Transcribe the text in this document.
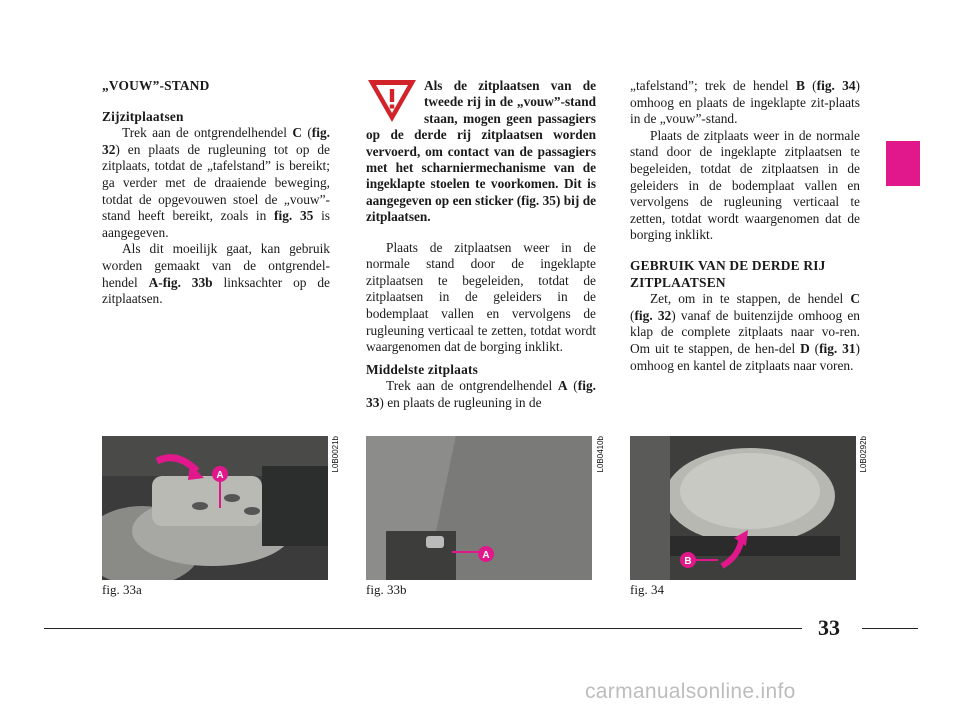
„VOUW”-STAND

Zijzitplaatsen

Trek aan de ontgrendelhendel C (fig. 32) en plaats de rugleuning tot op de zitplaats, totdat de „tafelstand” is bereikt; ga verder met de draaiende beweging, totdat de opgevouwen stoel de „vouw”-stand heeft bereikt, zoals in fig. 35 is aangegeven.

Als dit moeilijk gaat, kan gebruik worden gemaakt van de ontgrendel-hendel A-fig. 33b linksachter op de zitplaatsen.

Als de zitplaatsen van de tweede rij in de „vouw”-stand staan, mogen geen passagiers op de derde rij zitplaatsen worden vervoerd, om contact van de passagiers met het scharniermechanisme van de ingeklapte stoelen te voorkomen. Dit is aangegeven op een sticker (fig. 35) bij de zitplaatsen.

Plaats de zitplaatsen weer in de normale stand door de ingeklapte zitplaatsen te begeleiden, totdat de zitplaatsen in de geleiders in de bodemplaat vallen en vervolgens de rugleuning verticaal te zetten, totdat wordt waargenomen dat de borging inklikt.

Middelste zitplaats

Trek aan de ontgrendelhendel A (fig. 33) en plaats de rugleuning in de

„tafelstand”; trek de hendel B (fig. 34) omhoog en plaats de ingeklapte zit-plaats in de „vouw”-stand.

Plaats de zitplaats weer in de normale stand door de ingeklapte zitplaatsen te begeleiden, totdat de zitplaatsen in de geleiders in de bodemplaat vallen en vervolgens de rugleuning verticaal te zetten, totdat wordt waargenomen dat de borging inklikt.

GEBRUIK VAN DE DERDE RIJ ZITPLAATSEN

Zet, om in te stappen, de hendel C (fig. 32) vanaf de buitenzijde omhoog en klap de complete zitplaats naar vo-ren. Om uit te stappen, de hen-del D (fig. 31) omhoog en kantel de zitplaats naar voren.

A
L0B0021b
fig. 33a
A
L0B0410b
fig. 33b
B
L0B0292b
fig. 34
33
carmanualsonline.info
